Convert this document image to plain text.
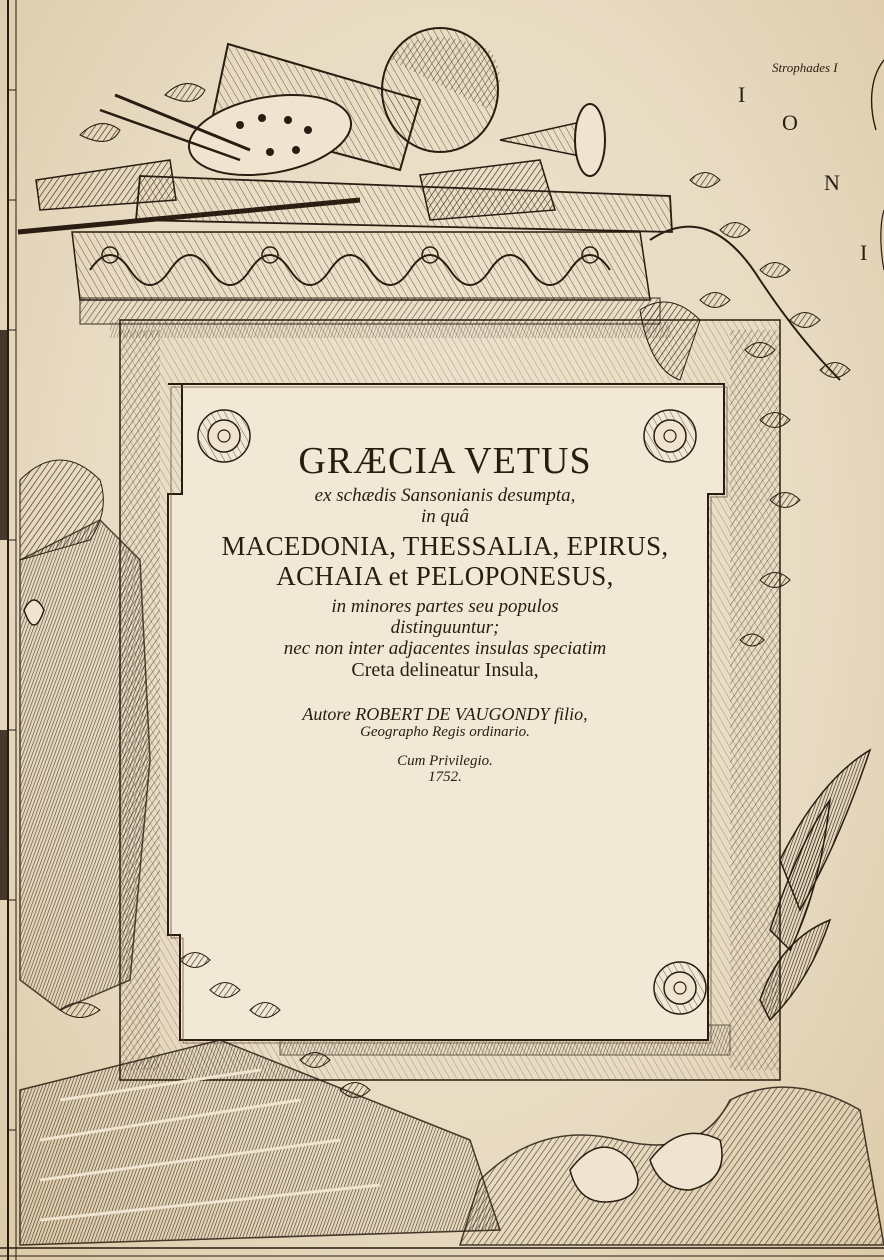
Strophades I
I
O
N
I
GRÆCIA VETUS
ex schædis Sansonianis desumpta,
in quâ
MACEDONIA, THESSALIA, EPIRUS,
ACHAIA et PELOPONESUS,
in minores partes seu populos
distinguuntur;
nec non inter adjacentes insulas speciatim
Creta delineatur Insula,
Autore ROBERT DE VAUGONDY filio,
Geographo Regis ordinario.
Cum Privilegio.
1752.
